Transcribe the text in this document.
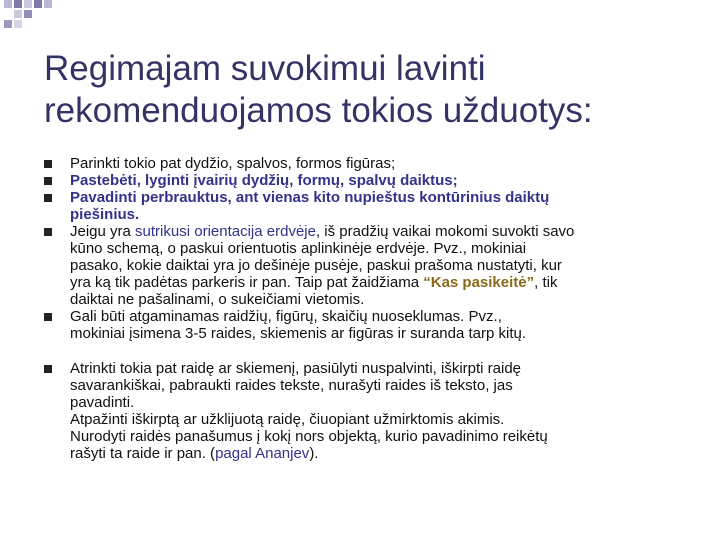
Regimajam suvokimui lavinti
rekomenduojamos tokios užduotys:
Parinkti tokio pat dydžio, spalvos, formos figūras;
Pastebėti, lyginti įvairių dydžių, formų, spalvų daiktus;
Pavadinti perbrauktus, ant vienas kito nupieštus kontūrinius daiktų
piešinius.
Jeigu yra sutrikusi orientacija erdvėje, iš pradžių vaikai mokomi suvokti savo
kūno schemą, o paskui orientuotis aplinkinėje erdvėje. Pvz., mokiniai
pasako, kokie daiktai yra jo dešinėje pusėje, paskui prašoma nustatyti, kur
yra ką tik padėtas parkeris ir pan. Taip pat žaidžiama “Kas pasikeitė”, tik
daiktai ne pašalinami, o sukeičiami vietomis.
Gali būti atgaminamas raidžių, figūrų, skaičių nuoseklumas. Pvz.,
mokiniai įsimena 3-5 raides, skiemenis ar figūras ir suranda tarp kitų.
Atrinkti tokia pat raidę ar skiemenį, pasiūlyti nuspalvinti, iškirpti raidę
savarankiškai, pabraukti raides tekste, nurašyti raides iš teksto, jas
pavadinti.
Atpažinti iškirptą ar užklijuotą raidę, čiuopiant užmirktomis akimis.
Nurodyti raidės panašumus į kokį nors objektą, kurio pavadinimo reikėtų
rašyti ta raide ir pan. (pagal Ananjev).
